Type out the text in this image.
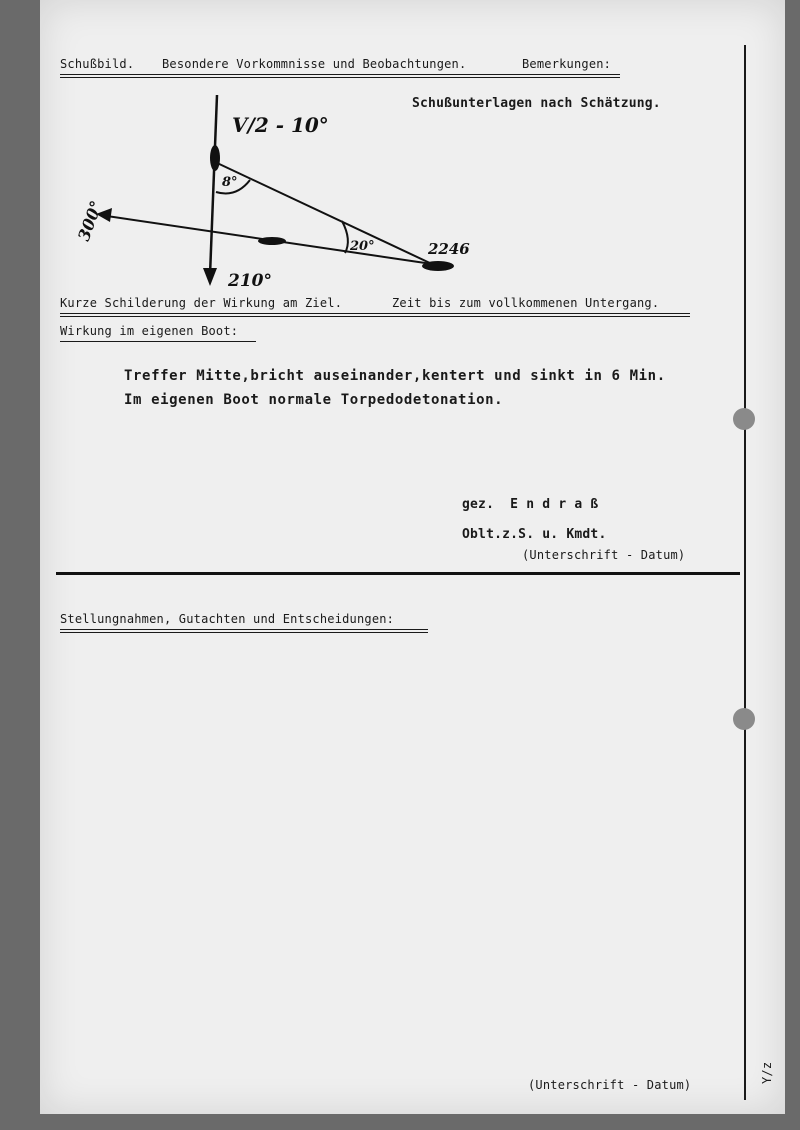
Schußbild. Besondere Vorkommnisse und Beobachtungen.	Bemerkungen:
Schußunterlagen nach Schätzung.
V/2 - 10°
8°
20°	2246
300°
210°
Kurze Schilderung der Wirkung am Ziel.	Zeit bis zum vollkommenen Untergang.
Wirkung im eigenen Boot:
Treffer Mitte,bricht auseinander,kentert und sinkt in 6 Min.
Im eigenen Boot normale Torpedodetonation.
gez.  E n d r a ß
Oblt.z.S. u. Kmdt.
(Unterschrift - Datum)
Stellungnahmen, Gutachten und Entscheidungen:
(Unterschrift - Datum)
Y/z
